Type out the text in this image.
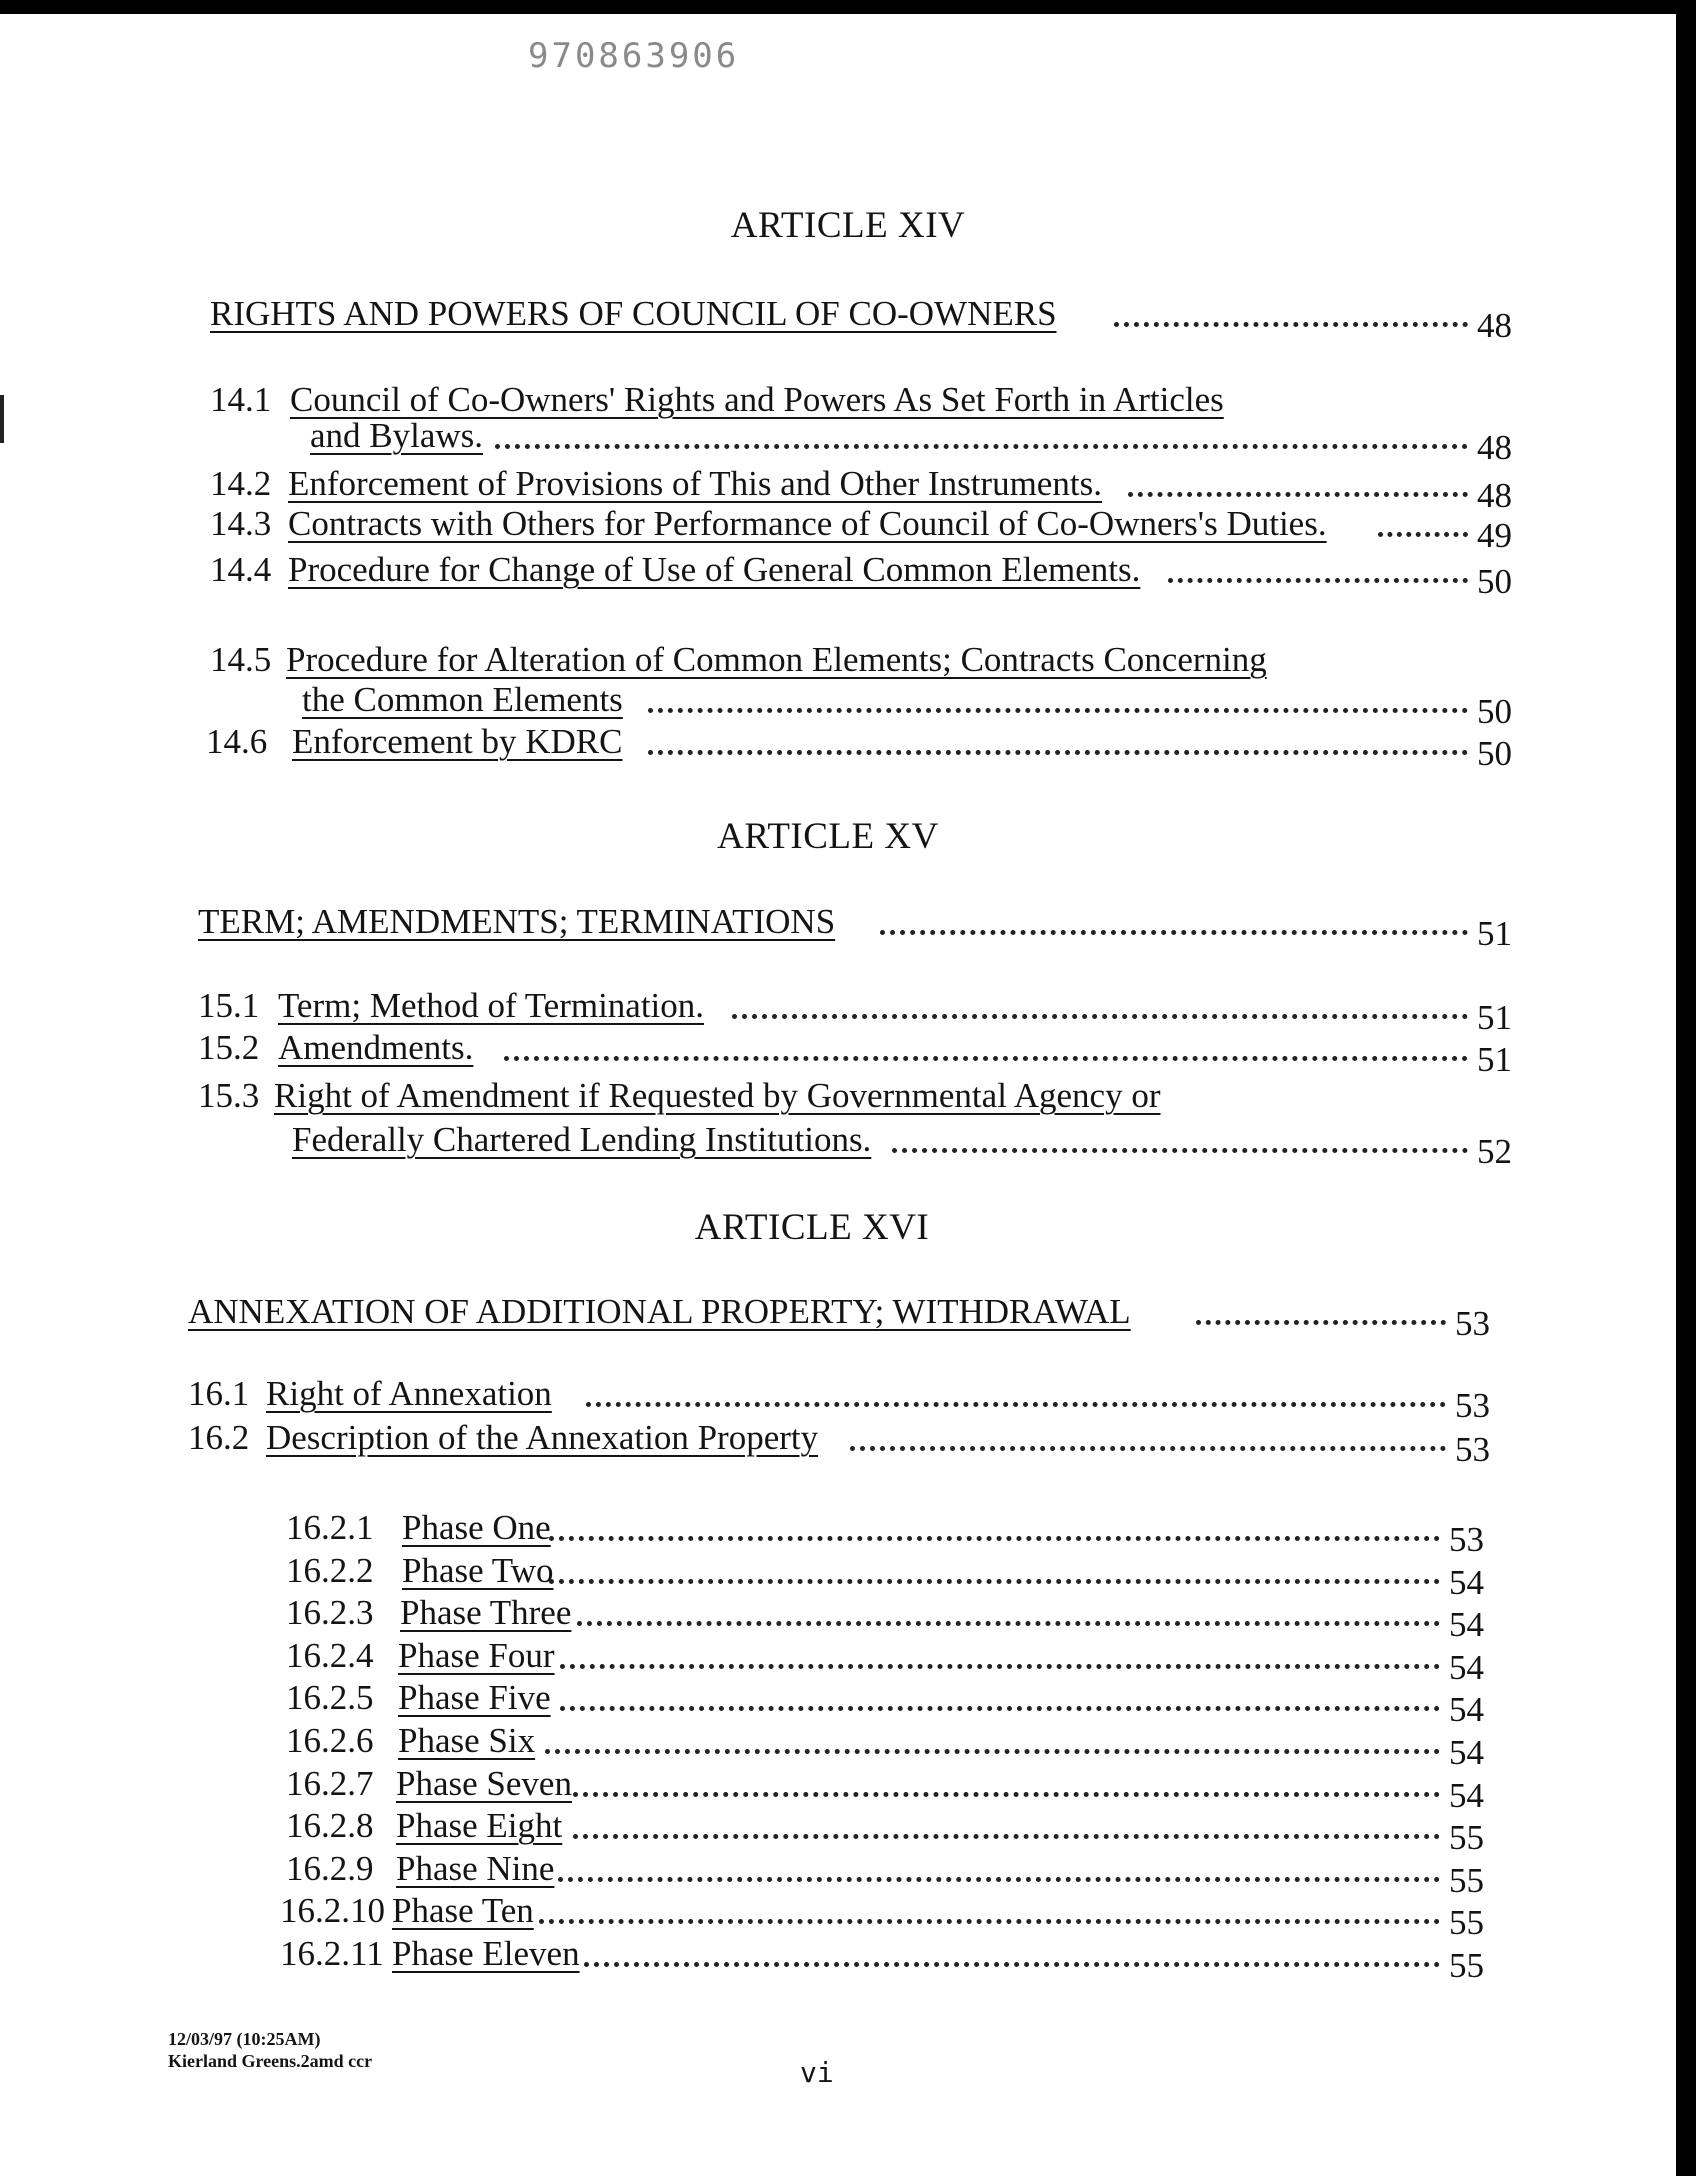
970863906
ARTICLE XIV
RIGHTS AND POWERS OF COUNCIL OF CO-OWNERS	48
14.1 Council of Co-Owners' Rights and Powers As Set Forth in Articles
and Bylaws.	48
14.2 Enforcement of Provisions of This and Other Instruments.	48
14.3 Contracts with Others for Performance of Council of Co-Owners's Duties.	49
14.4 Procedure for Change of Use of General Common Elements.	50
14.5 Procedure for Alteration of Common Elements; Contracts Concerning
the Common Elements	50
14.6 Enforcement by KDRC	50
ARTICLE XV
TERM; AMENDMENTS; TERMINATIONS	51
15.1 Term; Method of Termination.	51
15.2 Amendments.	51
15.3 Right of Amendment if Requested by Governmental Agency or
Federally Chartered Lending Institutions.	52
ARTICLE XVI
ANNEXATION OF ADDITIONAL PROPERTY; WITHDRAWAL	53
16.1 Right of Annexation	53
16.2 Description of the Annexation Property	53
16.2.1 Phase One	53
16.2.2 Phase Two	54
16.2.3 Phase Three	54
16.2.4 Phase Four	54
16.2.5 Phase Five	54
16.2.6 Phase Six	54
16.2.7 Phase Seven	54
16.2.8 Phase Eight	55
16.2.9 Phase Nine	55
16.2.10 Phase Ten	55
16.2.11 Phase Eleven	55
12/03/97 (10:25AM)
Kierland Greens.2amd ccr	vi
